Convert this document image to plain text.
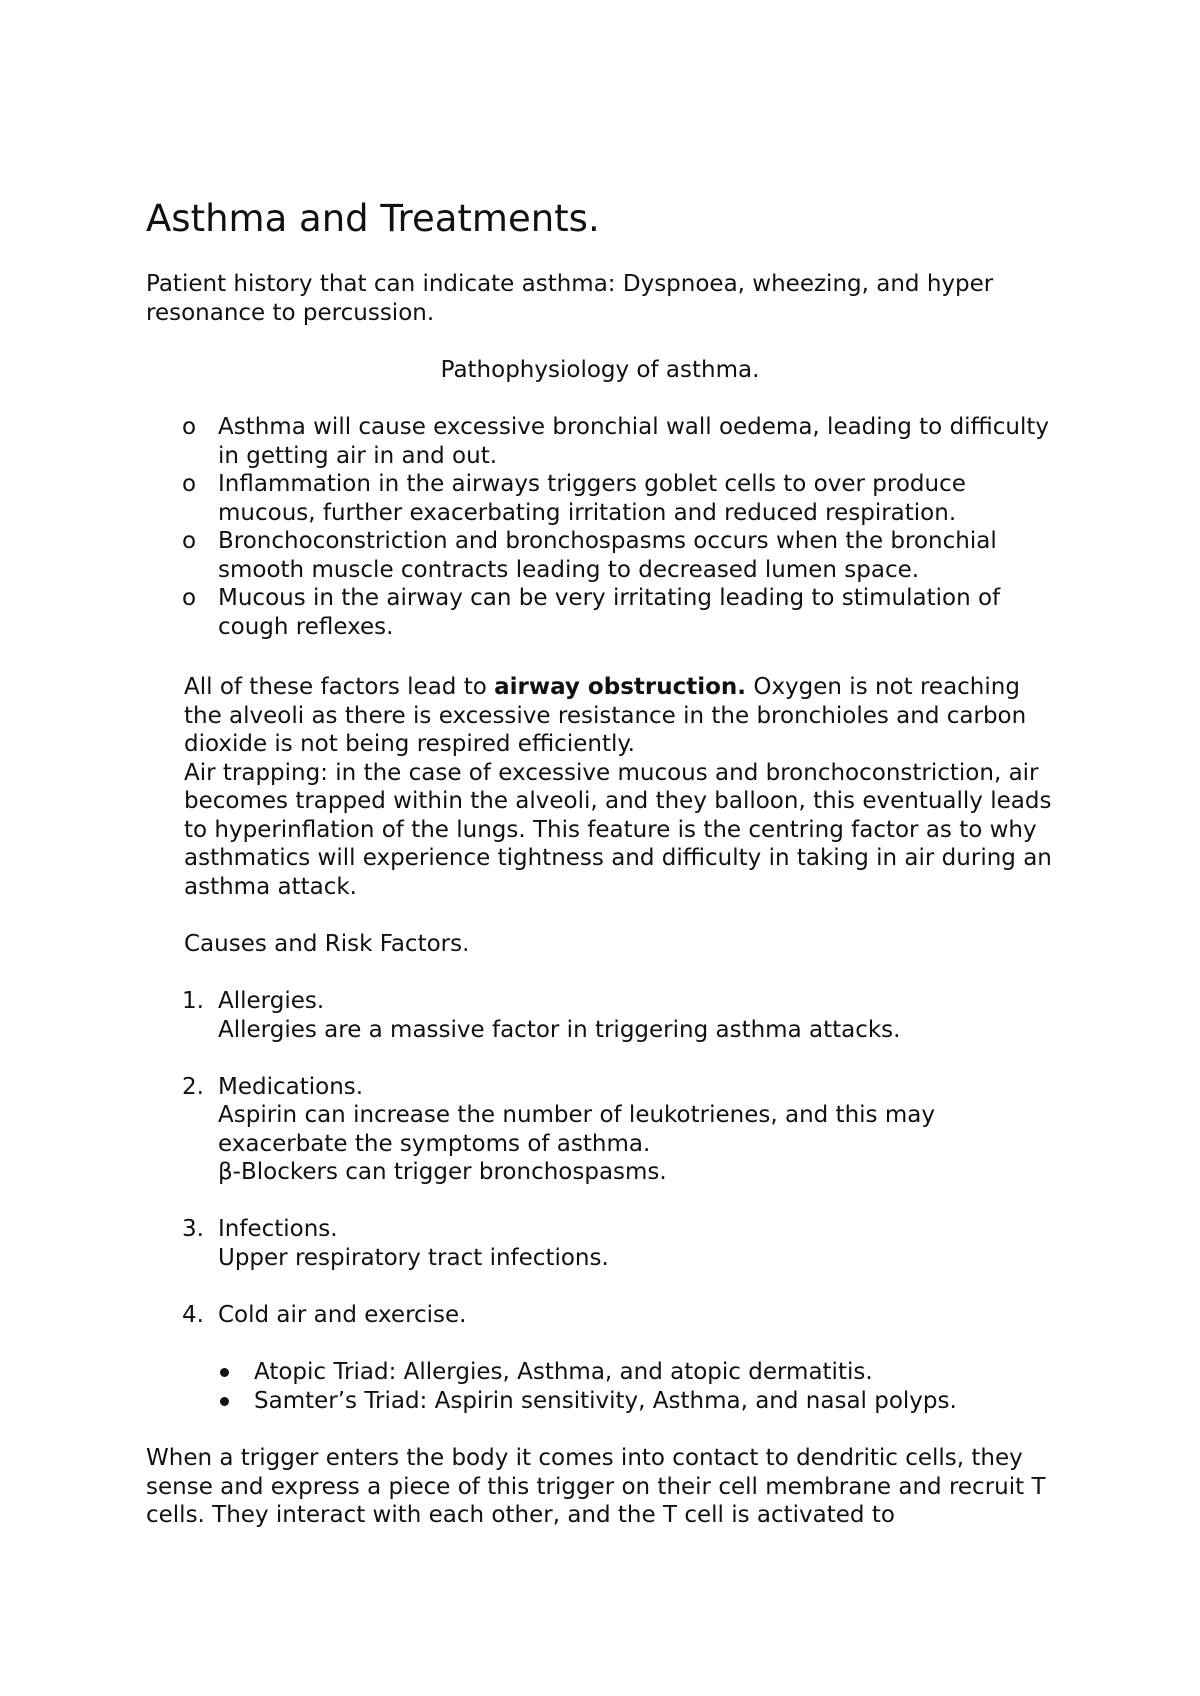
Asthma and Treatments.

Patient history that can indicate asthma: Dyspnoea, wheezing, and hyper resonance to percussion.

Pathophysiology of asthma.

o Asthma will cause excessive bronchial wall oedema, leading to difficulty in getting air in and out.
o Inflammation in the airways triggers goblet cells to over produce mucous, further exacerbating irritation and reduced respiration.
o Bronchoconstriction and bronchospasms occurs when the bronchial smooth muscle contracts leading to decreased lumen space.
o Mucous in the airway can be very irritating leading to stimulation of cough reflexes.

All of these factors lead to airway obstruction. Oxygen is not reaching the alveoli as there is excessive resistance in the bronchioles and carbon dioxide is not being respired efficiently.

Air trapping: in the case of excessive mucous and bronchoconstriction, air becomes trapped within the alveoli, and they balloon, this eventually leads to hyperinflation of the lungs. This feature is the centring factor as to why asthmatics will experience tightness and difficulty in taking in air during an asthma attack.

Causes and Risk Factors.

1. Allergies.
Allergies are a massive factor in triggering asthma attacks.
2. Medications.
Aspirin can increase the number of leukotrienes, and this may exacerbate the symptoms of asthma.
β-Blockers can trigger bronchospasms.
3. Infections.
Upper respiratory tract infections.
4. Cold air and exercise.
Atopic Triad: Allergies, Asthma, and atopic dermatitis.
Samter’s Triad: Aspirin sensitivity, Asthma, and nasal polyps.

When a trigger enters the body it comes into contact to dendritic cells, they sense and express a piece of this trigger on their cell membrane and recruit T cells. They interact with each other, and the T cell is activated to
